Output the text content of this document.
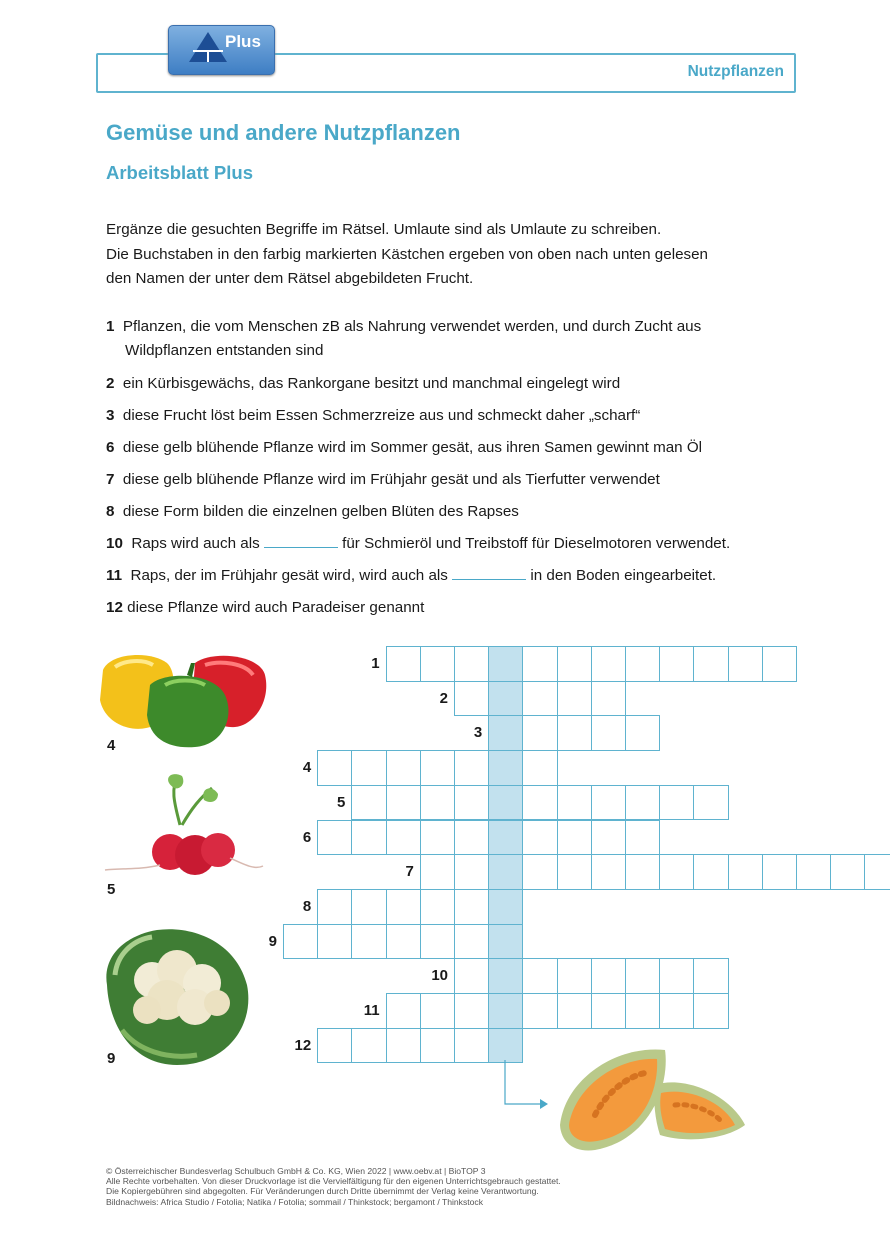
Nutzpflanzen
Plus
Gemüse und andere Nutzpflanzen
Arbeitsblatt Plus
Ergänze die gesuchten Begriffe im Rätsel. Umlaute sind als Umlaute zu schreiben.
Die Buchstaben in den farbig markierten Kästchen ergeben von oben nach unten gelesen
den Namen der unter dem Rätsel abgebildeten Frucht.
1 Pflanzen, die vom Menschen zB als Nahrung verwendet werden, und durch Zucht aus
Wildpflanzen entstanden sind
2 ein Kürbisgewächs, das Rankorgane besitzt und manchmal eingelegt wird
3 diese Frucht löst beim Essen Schmerzreize aus und schmeckt daher „scharf“
6 diese gelb blühende Pflanze wird im Sommer gesät, aus ihren Samen gewinnt man Öl
7 diese gelb blühende Pflanze wird im Frühjahr gesät und als Tierfutter verwendet
8 diese Form bilden die einzelnen gelben Blüten des Rapses
10 Raps wird auch als	für Schmieröl und Treibstoff für Dieselmotoren verwendet.
11 Raps, der im Frühjahr gesät wird, wird auch als	in den Boden eingearbeitet.
12 diese Pflanze wird auch Paradeiser genannt
4
5
9
1
2
3
4
5
6
7
8
9
10
11
12
© Österreichischer Bundesverlag Schulbuch GmbH & Co. KG, Wien 2022 | www.oebv.at | BioTOP 3
Alle Rechte vorbehalten. Von dieser Druckvorlage ist die Vervielfältigung für den eigenen Unterrichtsgebrauch gestattet.
Die Kopiergebühren sind abgegolten. Für Veränderungen durch Dritte übernimmt der Verlag keine Verantwortung.
Bildnachweis: Africa Studio / Fotolia; Natika / Fotolia; sommail / Thinkstock; bergamont / Thinkstock
